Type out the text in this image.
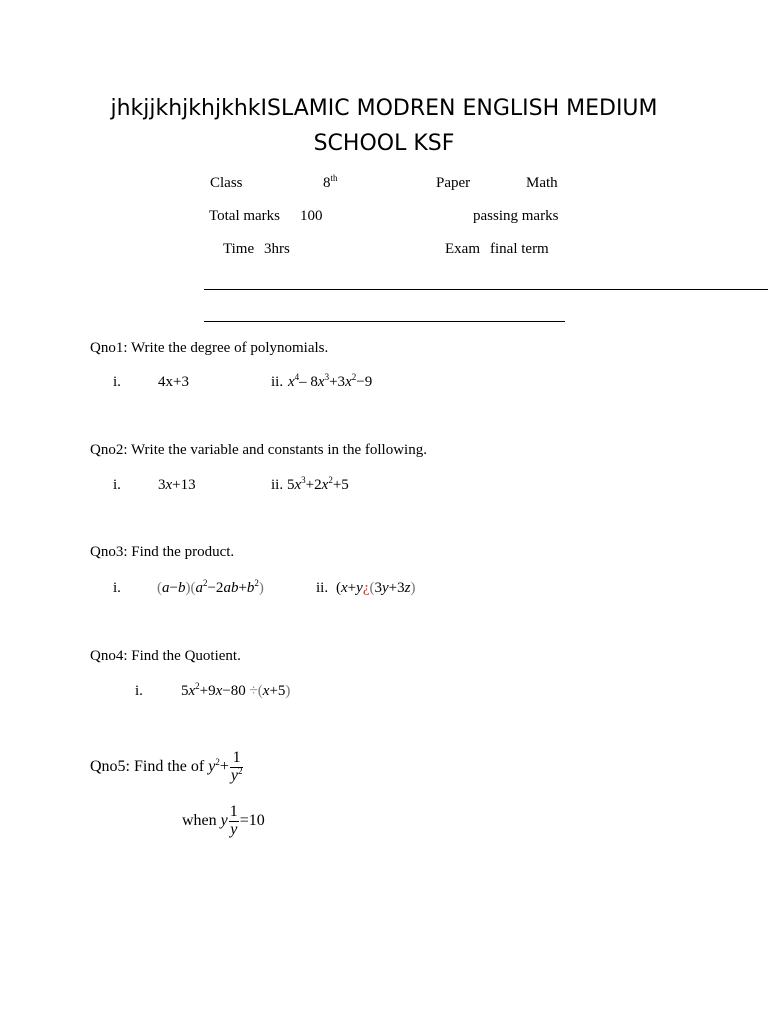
jhkjjkhjkhjkhkISLAMIC MODREN ENGLISH MEDIUM SCHOOL KSF
Class	8th	Paper	Math
Total marks 100	passing marks
Time 3hrs	Exam final term
Qno1: Write the degree of polynomials.
i. 4x+3	ii. $x^4-$ $8x^3+3x^2-9$
Qno2: Write the variable and constants in the following.
i. 3x+13	ii. $5x^3+2x^2+5$
Qno3: Find the product.
i. $(a-b)(a^2-2ab+b^2)$	ii. (x+y¿(3y+3z)
Qno4: Find the Quotient.
i.	$5x^2+9x-80 \div(x+5)$
Qno5: Find the of $y^2+ \frac{1}{y^2}$
when y $\frac{1}{y} =10$
